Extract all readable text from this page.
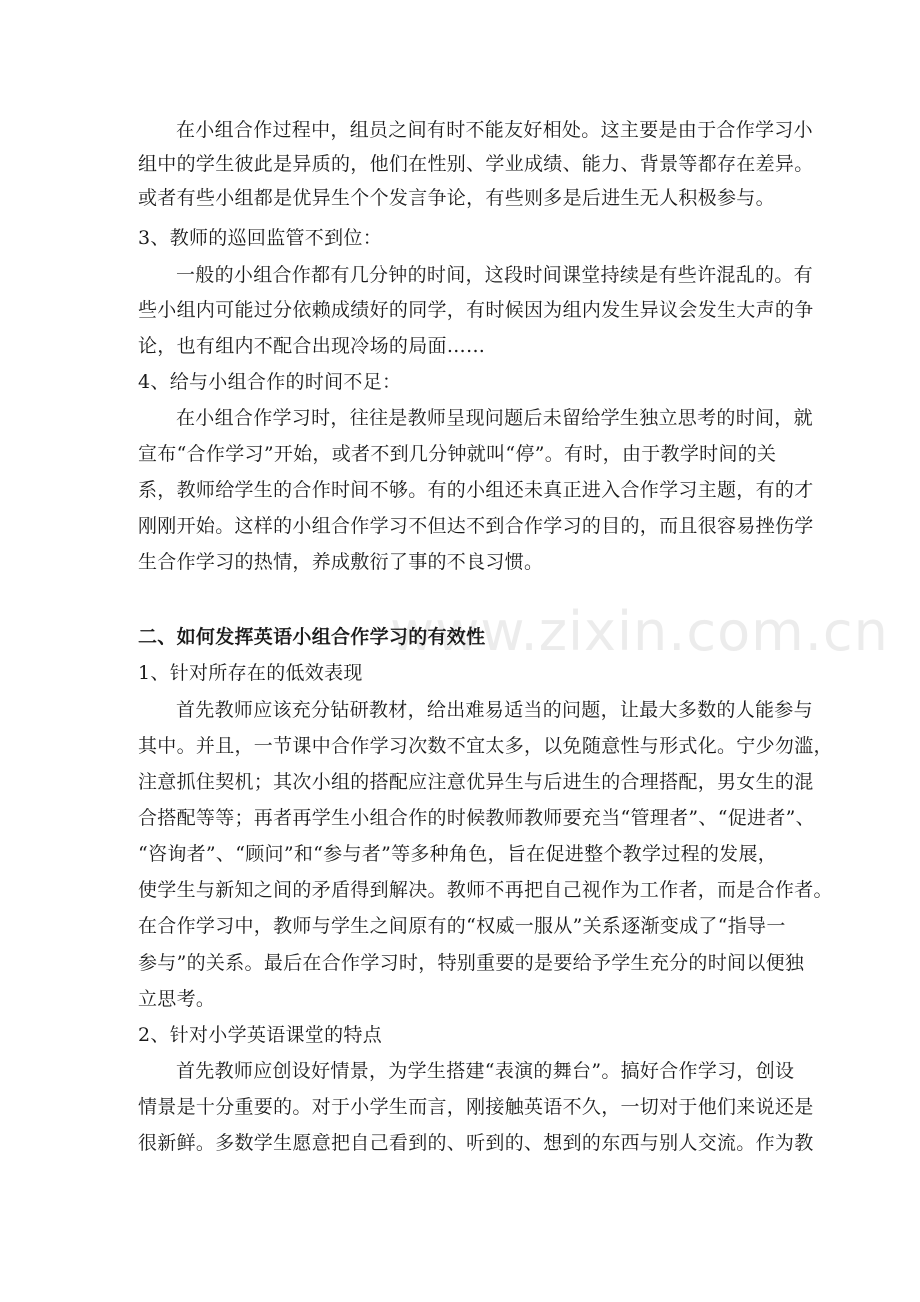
www.zixin.com.cn
在小组合作过程中，组员之间有时不能友好相处。这主要是由于合作学习小
组中的学生彼此是异质的，他们在性别、学业成绩、能力、背景等都存在差异。
或者有些小组都是优异生个个发言争论，有些则多是后进生无人积极参与。
3、教师的巡回监管不到位：
一般的小组合作都有几分钟的时间，这段时间课堂持续是有些许混乱的。有
些小组内可能过分依赖成绩好的同学，有时候因为组内发生异议会发生大声的争
论，也有组内不配合出现冷场的局面…...
4、给与小组合作的时间不足：
在小组合作学习时，往往是教师呈现问题后未留给学生独立思考的时间，就
宣布“合作学习”开始，或者不到几分钟就叫“停”。有时，由于教学时间的关
系，教师给学生的合作时间不够。有的小组还未真正进入合作学习主题，有的才
刚刚开始。这样的小组合作学习不但达不到合作学习的目的，而且很容易挫伤学
生合作学习的热情，养成敷衍了事的不良习惯。
二、如何发挥英语小组合作学习的有效性
1、针对所存在的低效表现
首先教师应该充分钻研教材，给出难易适当的问题，让最大多数的人能参与
其中。并且，一节课中合作学习次数不宜太多，以免随意性与形式化。宁少勿滥，
注意抓住契机；其次小组的搭配应注意优异生与后进生的合理搭配，男女生的混
合搭配等等；再者再学生小组合作的时候教师教师要充当“管理者”、“促进者”、
“咨询者”、“顾问”和“参与者”等多种角色，旨在促进整个教学过程的发展，
使学生与新知之间的矛盾得到解决。教师不再把自己视作为工作者，而是合作者。
在合作学习中，教师与学生之间原有的“权威一服从”关系逐渐变成了“指导一
参与”的关系。最后在合作学习时，特别重要的是要给予学生充分的时间以便独
立思考。
2、针对小学英语课堂的特点
首先教师应创设好情景，为学生搭建“表演的舞台”。搞好合作学习，创设
情景是十分重要的。对于小学生而言，刚接触英语不久，一切对于他们来说还是
很新鲜。多数学生愿意把自己看到的、听到的、想到的东西与别人交流。作为教
